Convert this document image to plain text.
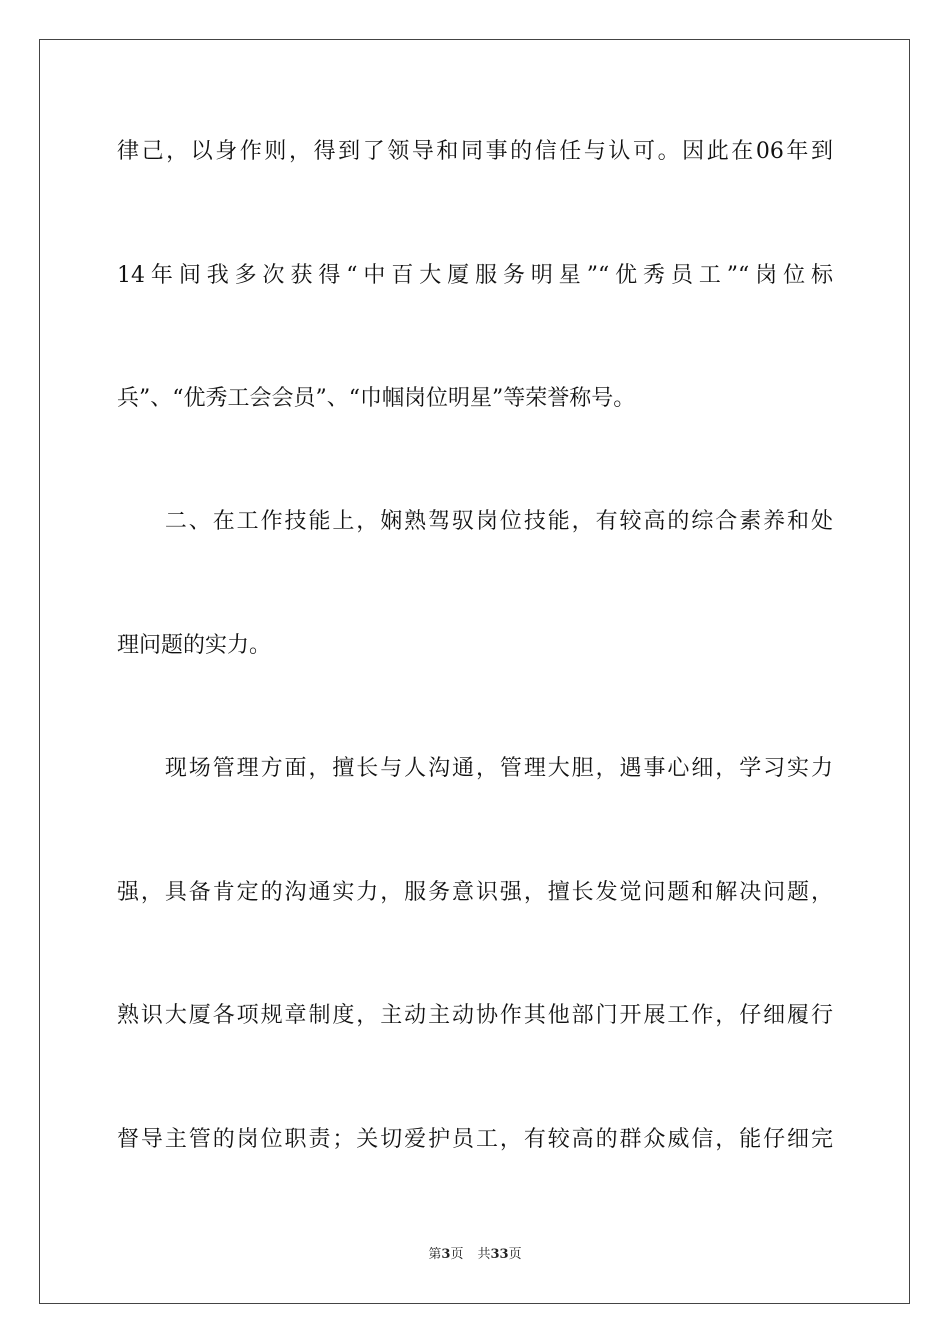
律己，以身作则，得到了领导和同事的信任与认可。因此在06年到
14年间我多次获得“中百大厦服务明星”“优秀员工”“岗位标
兵”、“优秀工会会员”、“巾帼岗位明星”等荣誉称号。
　　二、在工作技能上，娴熟驾驭岗位技能，有较高的综合素养和处
理问题的实力。
　　现场管理方面，擅长与人沟通，管理大胆，遇事心细，学习实力
强，具备肯定的沟通实力，服务意识强，擅长发觉问题和解决问题，
熟识大厦各项规章制度，主动主动协作其他部门开展工作，仔细履行
督导主管的岗位职责；关切爱护员工，有较高的群众威信，能仔细完
第3页 共33页
